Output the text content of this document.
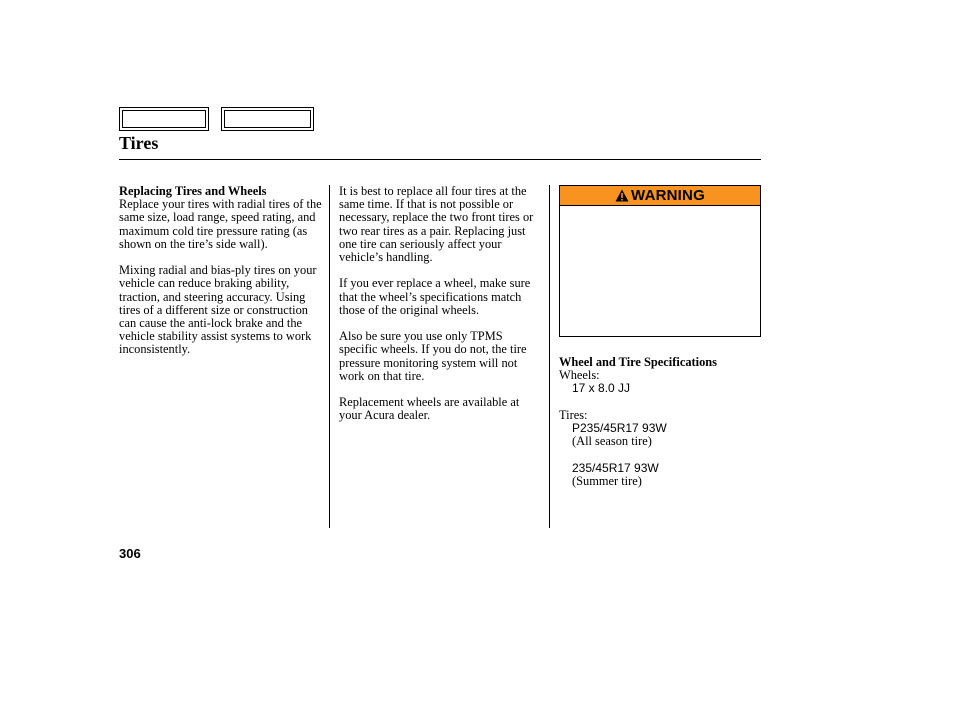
Tires

Replacing Tires and Wheels
Replace your tires with radial tires of the same size, load range, speed rating, and maximum cold tire pressure rating (as shown on the tire’s side wall).

Mixing radial and bias-ply tires on your vehicle can reduce braking ability, traction, and steering accuracy. Using tires of a different size or construction can cause the anti-lock brake and the vehicle stability assist systems to work inconsistently.

It is best to replace all four tires at the same time. If that is not possible or necessary, replace the two front tires or two rear tires as a pair. Replacing just one tire can seriously affect your vehicle’s handling.

If you ever replace a wheel, make sure that the wheel’s specifications match those of the original wheels.

Also be sure you use only TPMS specific wheels. If you do not, the tire pressure monitoring system will not work on that tire.

Replacement wheels are available at your Acura dealer.

WARNING
Wheel and Tire Specifications
Wheels:
17 x 8.0 JJ
Tires:
P235/45R17 93W
(All season tire)
235/45R17 93W
(Summer tire)
306
